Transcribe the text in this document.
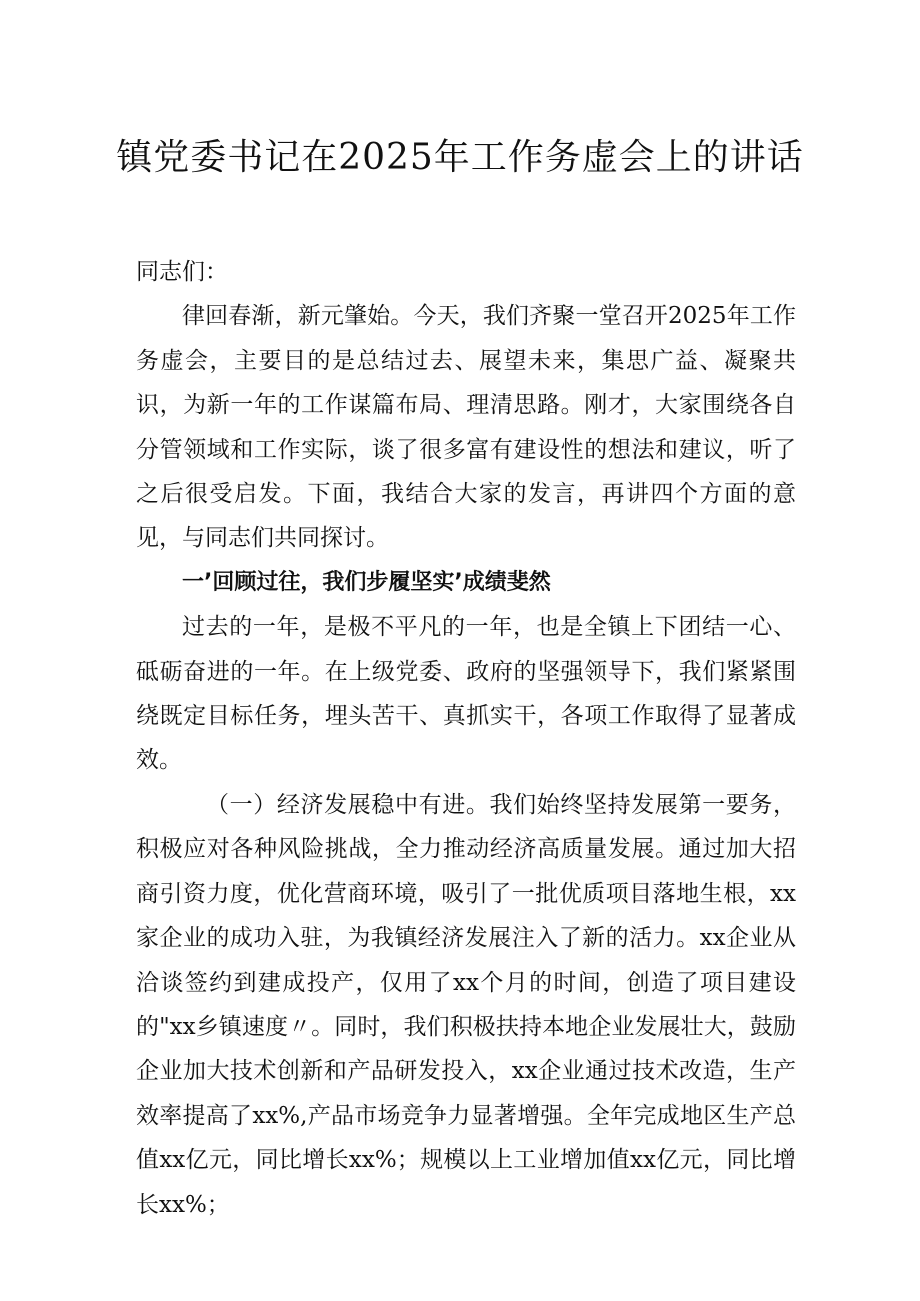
镇党委书记在2025年工作务虚会上的讲话

同志们：

律回春渐，新元肇始。今天，我们齐聚一堂召开2025年工作务虚会，主要目的是总结过去、展望未来，集思广益、凝聚共识，为新一年的工作谋篇布局、理清思路。刚才，大家围绕各自分管领域和工作实际，谈了很多富有建设性的想法和建议，听了之后很受启发。下面，我结合大家的发言，再讲四个方面的意见，与同志们共同探讨。

一’回顾过往，我们步履坚实’成绩斐然

过去的一年，是极不平凡的一年，也是全镇上下团结一心、砥砺奋进的一年。在上级党委、政府的坚强领导下，我们紧紧围绕既定目标任务，埋头苦干、真抓实干，各项工作取得了显著成效。

（一）经济发展稳中有进。我们始终坚持发展第一要务，积极应对各种风险挑战，全力推动经济高质量发展。通过加大招商引资力度，优化营商环境，吸引了一批优质项目落地生根，xx家企业的成功入驻，为我镇经济发展注入了新的活力。xx企业从洽谈签约到建成投产，仅用了xx个月的时间，创造了项目建设的"xx乡镇速度〃。同时，我们积极扶持本地企业发展壮大，鼓励企业加大技术创新和产品研发投入，xx企业通过技术改造，生产效率提高了xx%,产品市场竞争力显著增强。全年完成地区生产总值xx亿元，同比增长xx%；规模以上工业增加值xx亿元，同比增长xx%；
